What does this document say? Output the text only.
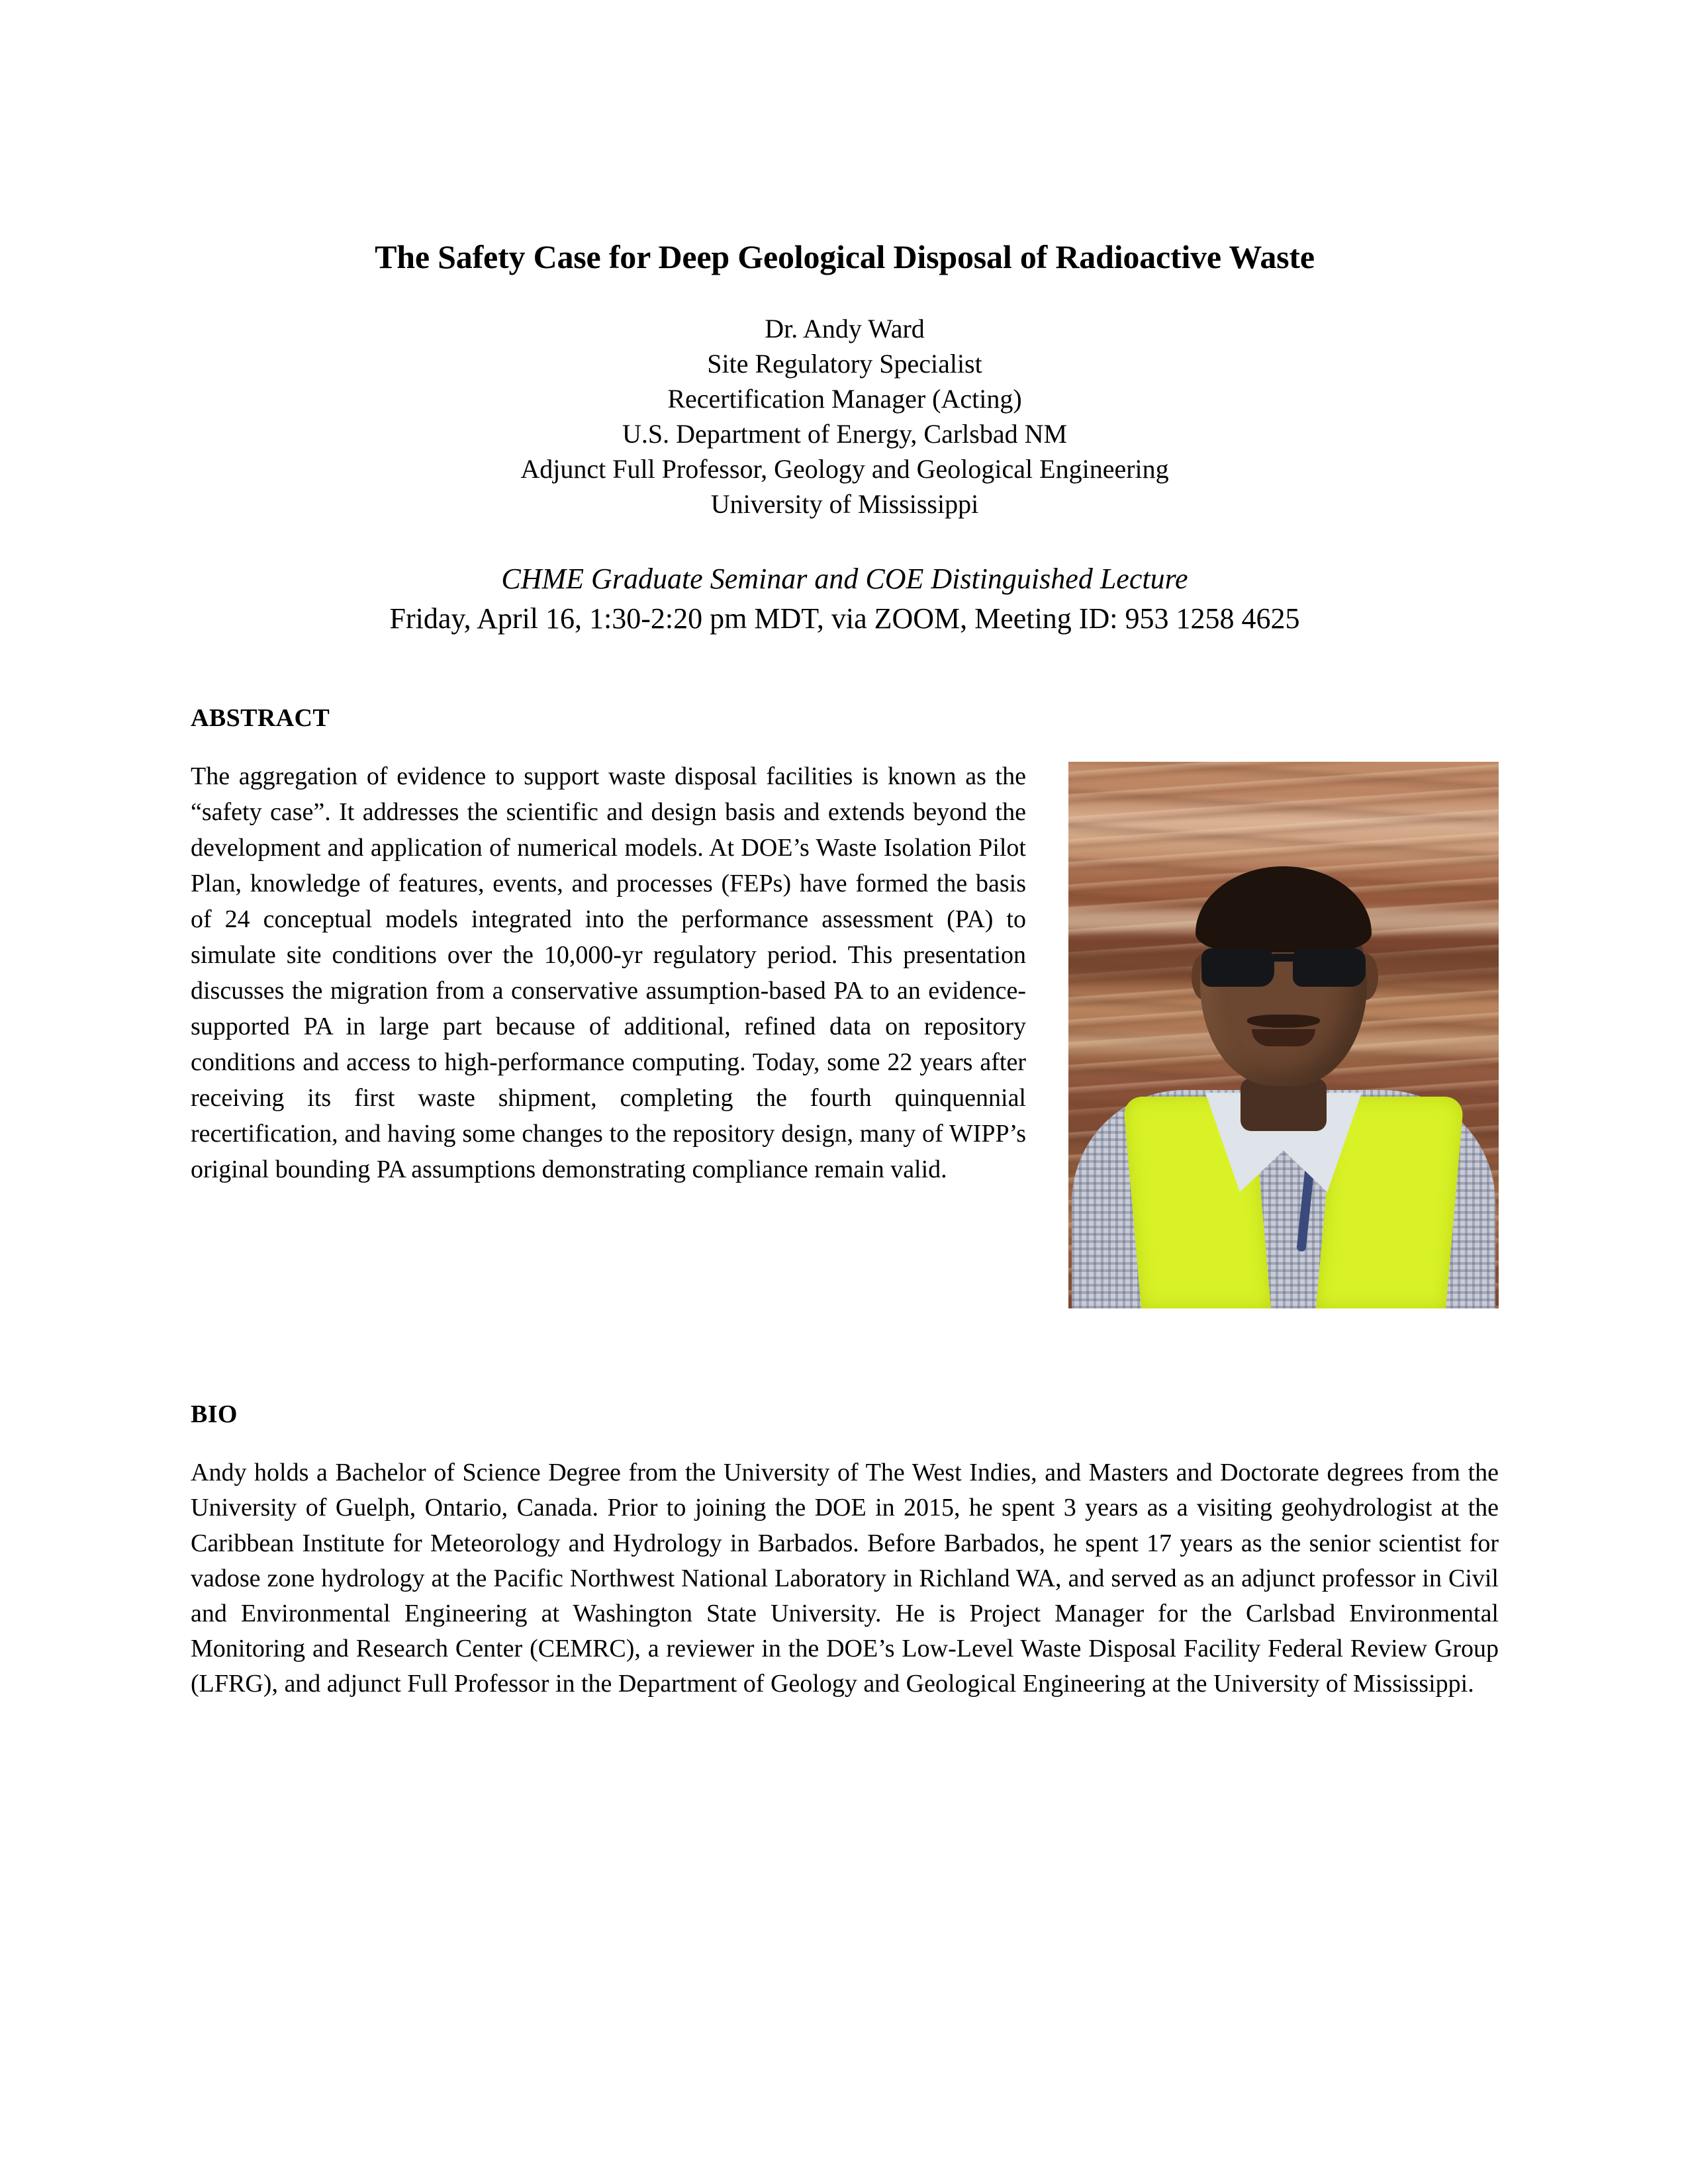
The Safety Case for Deep Geological Disposal of Radioactive Waste
Dr. Andy Ward
Site Regulatory Specialist
Recertification Manager (Acting)
U.S. Department of Energy, Carlsbad NM
Adjunct Full Professor, Geology and Geological Engineering
University of Mississippi
CHME Graduate Seminar and COE Distinguished Lecture
Friday, April 16, 1:30-2:20 pm MDT, via ZOOM, Meeting ID: 953 1258 4625
ABSTRACT

The aggregation of evidence to support waste disposal facilities is known as the “safety case”. It addresses the scientific and design basis and extends beyond the development and application of numerical models. At DOE’s Waste Isolation Pilot Plan, knowledge of features, events, and processes (FEPs) have formed the basis of 24 conceptual models integrated into the performance assessment (PA) to simulate site conditions over the 10,000-yr regulatory period. This presentation discusses the migration from a conservative assumption-based PA to an evidence-supported PA in large part because of additional, refined data on repository conditions and access to high-performance computing. Today, some 22 years after receiving its first waste shipment, completing the fourth quinquennial recertification, and having some changes to the repository design, many of WIPP’s original bounding PA assumptions demonstrating compliance remain valid.

BIO

Andy holds a Bachelor of Science Degree from the University of The West Indies, and Masters and Doctorate degrees from the University of Guelph, Ontario, Canada. Prior to joining the DOE in 2015, he spent 3 years as a visiting geohydrologist at the Caribbean Institute for Meteorology and Hydrology in Barbados. Before Barbados, he spent 17 years as the senior scientist for vadose zone hydrology at the Pacific Northwest National Laboratory in Richland WA, and served as an adjunct professor in Civil and Environmental Engineering at Washington State University. He is Project Manager for the Carlsbad Environmental Monitoring and Research Center (CEMRC), a reviewer in the DOE’s Low-Level Waste Disposal Facility Federal Review Group (LFRG), and adjunct Full Professor in the Department of Geology and Geological Engineering at the University of Mississippi.
